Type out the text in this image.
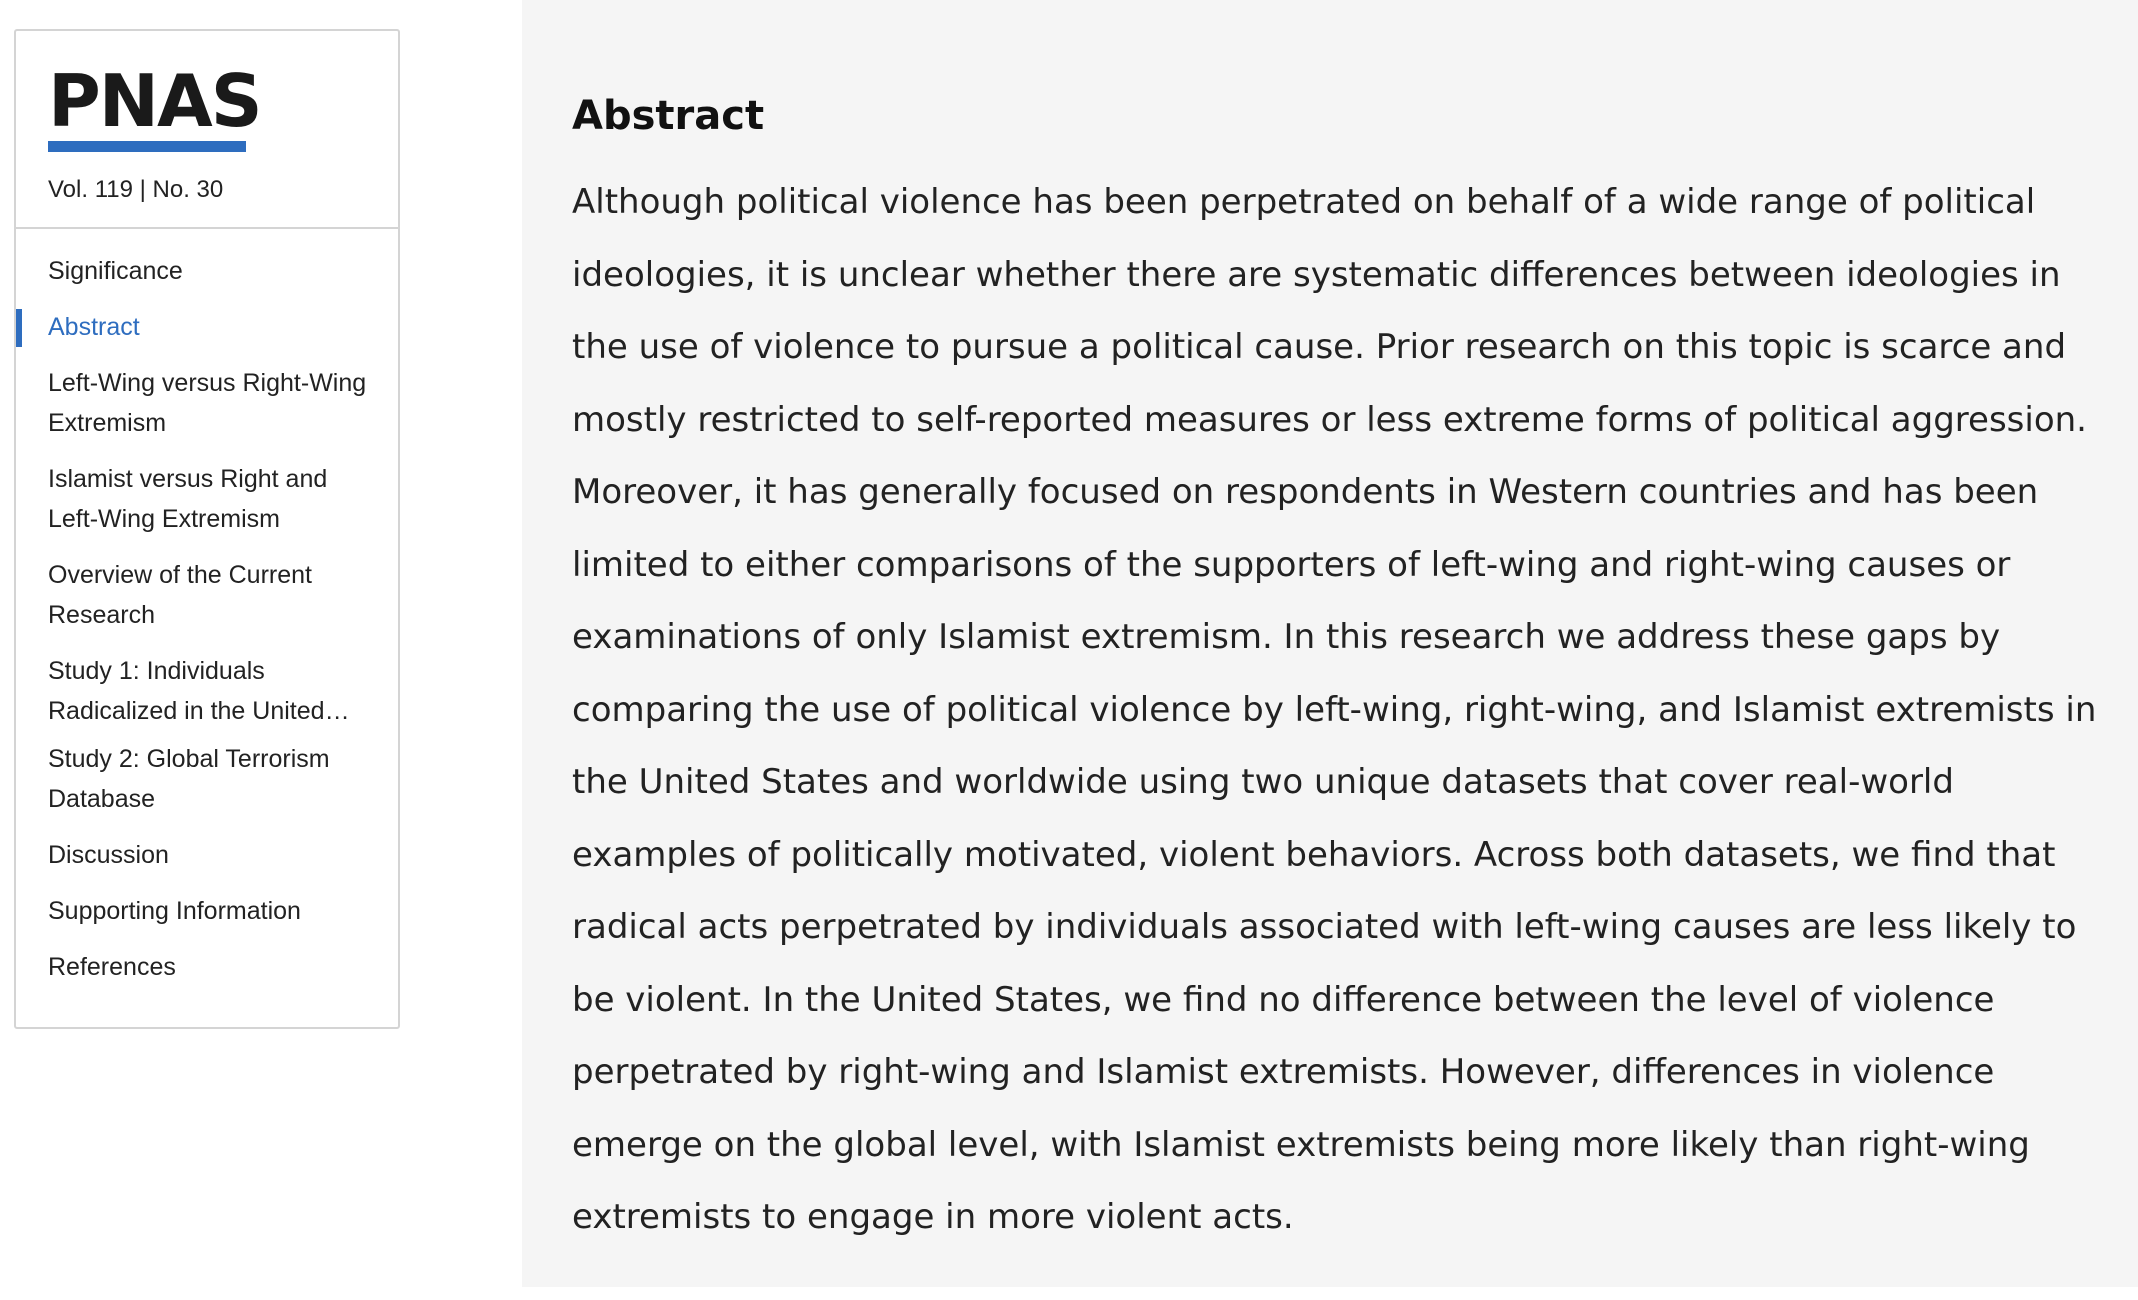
PNAS
Vol. 119 | No. 30
Significance
Abstract
Left-Wing versus Right-Wing Extremism
Islamist versus Right and Left-Wing Extremism
Overview of the Current Research
Study 1: Individuals Radicalized in the United
Study 2: Global Terrorism Database
Discussion
Supporting Information
References
Abstract

Although political violence has been perpetrated on behalf of a wide range of political ideologies, it is unclear whether there are systematic differences between ideologies in the use of violence to pursue a political cause. Prior research on this topic is scarce and mostly restricted to self-reported measures or less extreme forms of political aggression. Moreover, it has generally focused on respondents in Western countries and has been limited to either comparisons of the supporters of left-wing and right-wing causes or examinations of only Islamist extremism. In this research we address these gaps by comparing the use of political violence by left-wing, right-wing, and Islamist extremists in the United States and worldwide using two unique datasets that cover real-world examples of politically motivated, violent behaviors. Across both datasets, we find that radical acts perpetrated by individuals associated with left-wing causes are less likely to be violent. In the United States, we find no difference between the level of violence perpetrated by right-wing and Islamist extremists. However, differences in violence emerge on the global level, with Islamist extremists being more likely than right-wing extremists to engage in more violent acts.
